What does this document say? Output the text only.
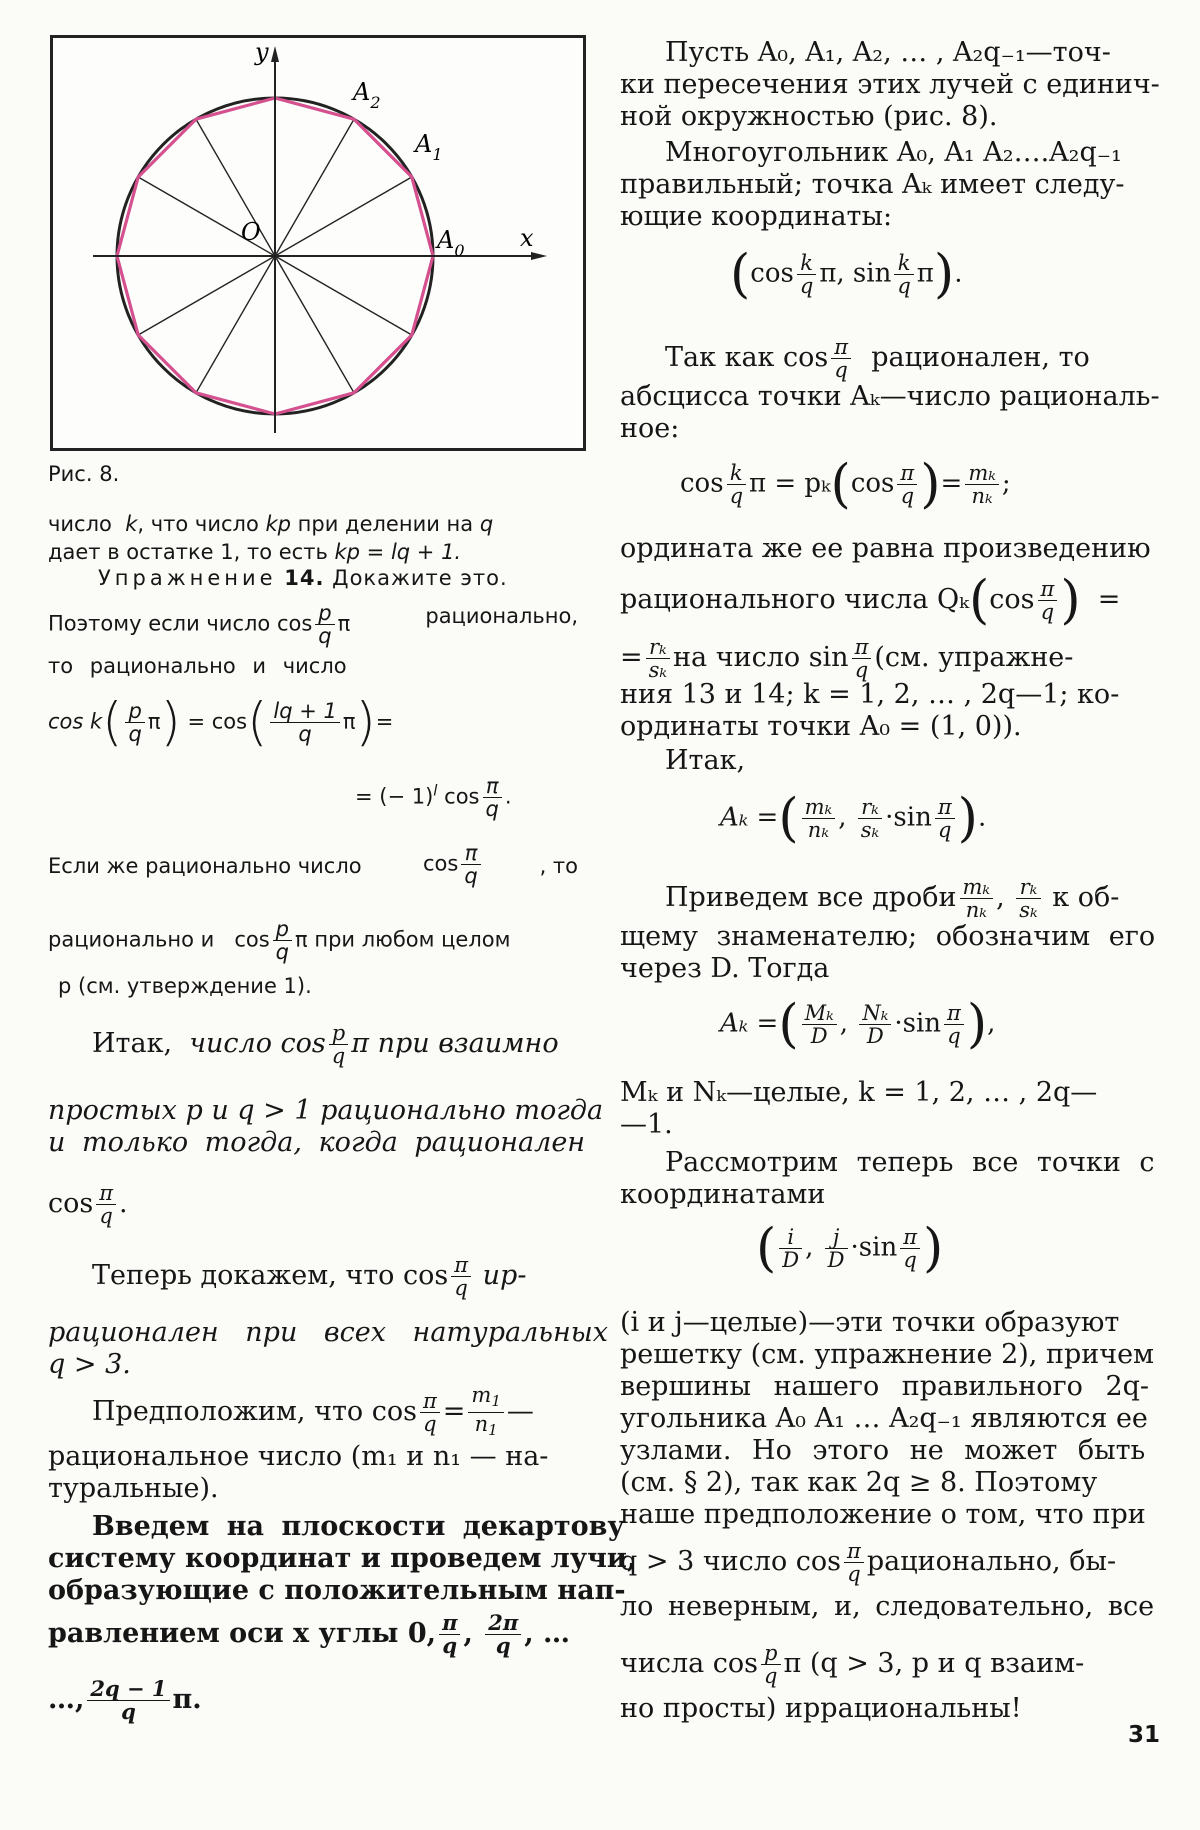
y
x
O
$A_2$
$A_1$
$A_0$
Рис. 8.
число k, что число kp при делении на q
дает в остатке 1, то есть kp = lq + 1.
Упражнение 14. Докажите это.
Поэтому если число $\cos \frac{p}{q}$ π	рационально,
то рационально и число
$\cos k( \frac{p}{q} \pi) = \cos( \frac{lq + 1}{q} \pi)=$
= (− 1)$^l$ $\cos \frac{\pi}{q}$ .
Если же рационально число	$\cos \frac{\pi}{q}$	, то
рационально и $\cos \frac{p}{q}$ π при любом целом
p (см. утверждение 1).
Итак, число $\cos \frac{p}{q}$ π при взаимно
простых p и q > 1 рационально тогда
и только тогда, когда рационален
$\cos \frac{\pi}{q}$ .
Теперь докажем, что $\cos \frac{\pi}{q} ир-$
рационален при всех натуральных
q > 3.
Предположим, что $\cos \frac{\pi}{q} = \frac{m_1}{n_1}$ —
рациональное число (m₁ и n₁ — на-
туральные).
Введем на плоскости декартову
систему координат и проведем лучи,
образующие с положительным нап-
равлением оси x углы 0, $\frac{\pi}{q}$ , $\frac{2\pi}{q}$ , …
…, $\frac{2q - 1}{q} \pi$.
Пусть A₀, A₁, A₂, … , A₂q₋₁—точ-
ки пересечения этих лучей с единич-
ной окружностью (рис. 8).
Многоугольник A₀, A₁ A₂….A₂q₋₁
правильный; точка Aₖ имеет следу-
ющие координаты:
($\cos \frac{k}{q} \pi$, $\sin \frac{k}{q} \pi$).
Так как $\cos \frac{\pi}{q}$ рационален, то
абсцисса точки Aₖ—число рациональ-
ное:
$\cos \frac{k}{q}$ $\pi = p_k(\cos \frac{\pi}{q}$ )= $\frac{\text{mₖ}}{\text{nₖ}}$ ;
ордината же ее равна произведению
рационального числа $Q_k(\cos \frac{\pi}{q}$ ) =
= $\frac{\text{rₖ}}{\text{sₖ}}$ на число $\sin \frac{\pi}{q} (см$. упражне-
ния 13 и 14; k = 1, 2, … , 2q—1; ко-
ординаты точки A₀ = (1, 0)).
Итак,
Aₖ =( $\frac{\text{mₖ}}{\text{nₖ}}$ , $\frac{\text{rₖ}}{\text{sₖ}} \cdot\sin \frac{\pi}{q}$ ).
Приведем все дроби $\frac{\text{mₖ}}{\text{nₖ}}$ , $\frac{\text{rₖ}}{\text{sₖ}}$ к об-
щему знаменателю; обозначим его
через D. Тогда
Aₖ =( $\frac{\text{Mₖ}}{D}$ , $\frac{\text{Nₖ}}{D} \cdot\sin \frac{\pi}{q}$ ),
Mₖ и Nₖ—целые, k = 1, 2, … , 2q—
—1.
Рассмотрим теперь все точки с
координатами
( $\frac{i}{D}$ , $\frac{j}{D} \cdot\sin \frac{\pi}{q}$ )
(i и j—целые)—эти точки образуют
решетку (см. упражнение 2), причем
вершины нашего правильного 2q-
угольника A₀ A₁ … A₂q₋₁ являются ее
узлами. Но этого не может быть
(см. § 2), так как 2q ≥ 8. Поэтому
наше предположение о том, что при
q > 3 число $\cos \frac{\pi}{q}$ рационально, бы-
ло неверным, и, следовательно, все
числа $\cos \frac{p}{q}$ π (q > 3, p и q взаим-
но просты) иррациональны!
31
